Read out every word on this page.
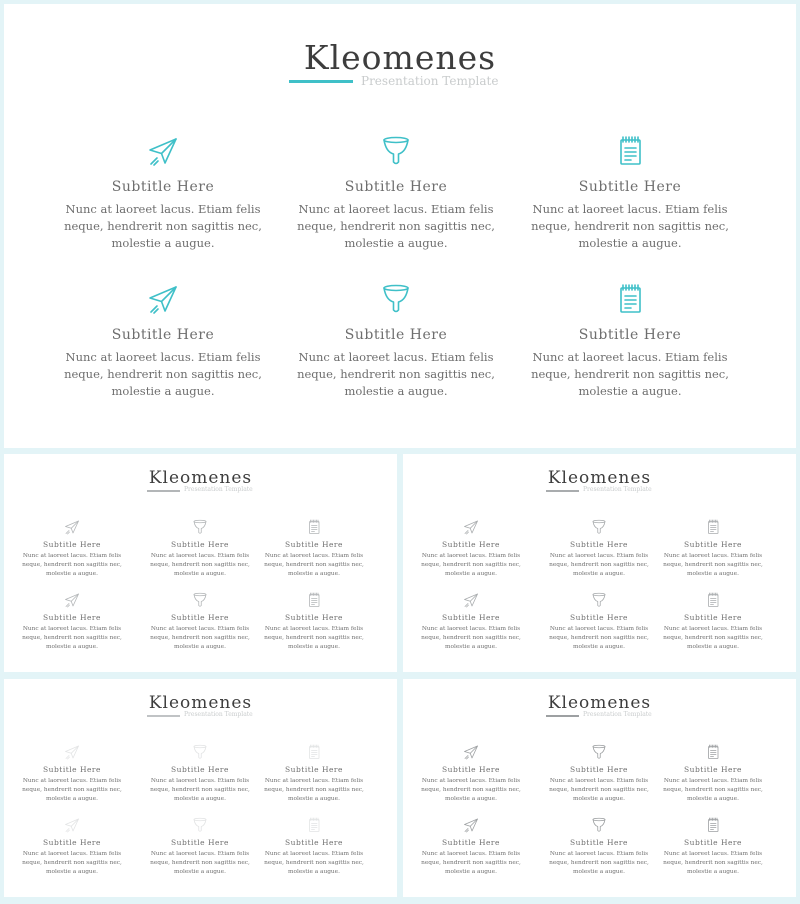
Kleomenes
Presentation Template
Subtitle Here
Nunc at laoreet lacus. Etiam felis
neque, hendrerit non sagittis nec,
molestie a augue.
Subtitle Here
Nunc at laoreet lacus. Etiam felis
neque, hendrerit non sagittis nec,
molestie a augue.
Subtitle Here
Nunc at laoreet lacus. Etiam felis
neque, hendrerit non sagittis nec,
molestie a augue.
Subtitle Here
Nunc at laoreet lacus. Etiam felis
neque, hendrerit non sagittis nec,
molestie a augue.
Subtitle Here
Nunc at laoreet lacus. Etiam felis
neque, hendrerit non sagittis nec,
molestie a augue.
Subtitle Here
Nunc at laoreet lacus. Etiam felis
neque, hendrerit non sagittis nec,
molestie a augue.
Kleomenes
Presentation Template
Subtitle Here
Nunc at laoreet lacus. Etiam felis
neque, hendrerit non sagittis nec,
molestie a augue.
Subtitle Here
Nunc at laoreet lacus. Etiam felis
neque, hendrerit non sagittis nec,
molestie a augue.
Subtitle Here
Nunc at laoreet lacus. Etiam felis
neque, hendrerit non sagittis nec,
molestie a augue.
Subtitle Here
Nunc at laoreet lacus. Etiam felis
neque, hendrerit non sagittis nec,
molestie a augue.
Subtitle Here
Nunc at laoreet lacus. Etiam felis
neque, hendrerit non sagittis nec,
molestie a augue.
Subtitle Here
Nunc at laoreet lacus. Etiam felis
neque, hendrerit non sagittis nec,
molestie a augue.
Kleomenes
Presentation Template
Subtitle Here
Nunc at laoreet lacus. Etiam felis
neque, hendrerit non sagittis nec,
molestie a augue.
Subtitle Here
Nunc at laoreet lacus. Etiam felis
neque, hendrerit non sagittis nec,
molestie a augue.
Subtitle Here
Nunc at laoreet lacus. Etiam felis
neque, hendrerit non sagittis nec,
molestie a augue.
Subtitle Here
Nunc at laoreet lacus. Etiam felis
neque, hendrerit non sagittis nec,
molestie a augue.
Subtitle Here
Nunc at laoreet lacus. Etiam felis
neque, hendrerit non sagittis nec,
molestie a augue.
Subtitle Here
Nunc at laoreet lacus. Etiam felis
neque, hendrerit non sagittis nec,
molestie a augue.
Kleomenes
Presentation Template
Subtitle Here
Nunc at laoreet lacus. Etiam felis
neque, hendrerit non sagittis nec,
molestie a augue.
Subtitle Here
Nunc at laoreet lacus. Etiam felis
neque, hendrerit non sagittis nec,
molestie a augue.
Subtitle Here
Nunc at laoreet lacus. Etiam felis
neque, hendrerit non sagittis nec,
molestie a augue.
Subtitle Here
Nunc at laoreet lacus. Etiam felis
neque, hendrerit non sagittis nec,
molestie a augue.
Subtitle Here
Nunc at laoreet lacus. Etiam felis
neque, hendrerit non sagittis nec,
molestie a augue.
Subtitle Here
Nunc at laoreet lacus. Etiam felis
neque, hendrerit non sagittis nec,
molestie a augue.
Kleomenes
Presentation Template
Subtitle Here
Nunc at laoreet lacus. Etiam felis
neque, hendrerit non sagittis nec,
molestie a augue.
Subtitle Here
Nunc at laoreet lacus. Etiam felis
neque, hendrerit non sagittis nec,
molestie a augue.
Subtitle Here
Nunc at laoreet lacus. Etiam felis
neque, hendrerit non sagittis nec,
molestie a augue.
Subtitle Here
Nunc at laoreet lacus. Etiam felis
neque, hendrerit non sagittis nec,
molestie a augue.
Subtitle Here
Nunc at laoreet lacus. Etiam felis
neque, hendrerit non sagittis nec,
molestie a augue.
Subtitle Here
Nunc at laoreet lacus. Etiam felis
neque, hendrerit non sagittis nec,
molestie a augue.
